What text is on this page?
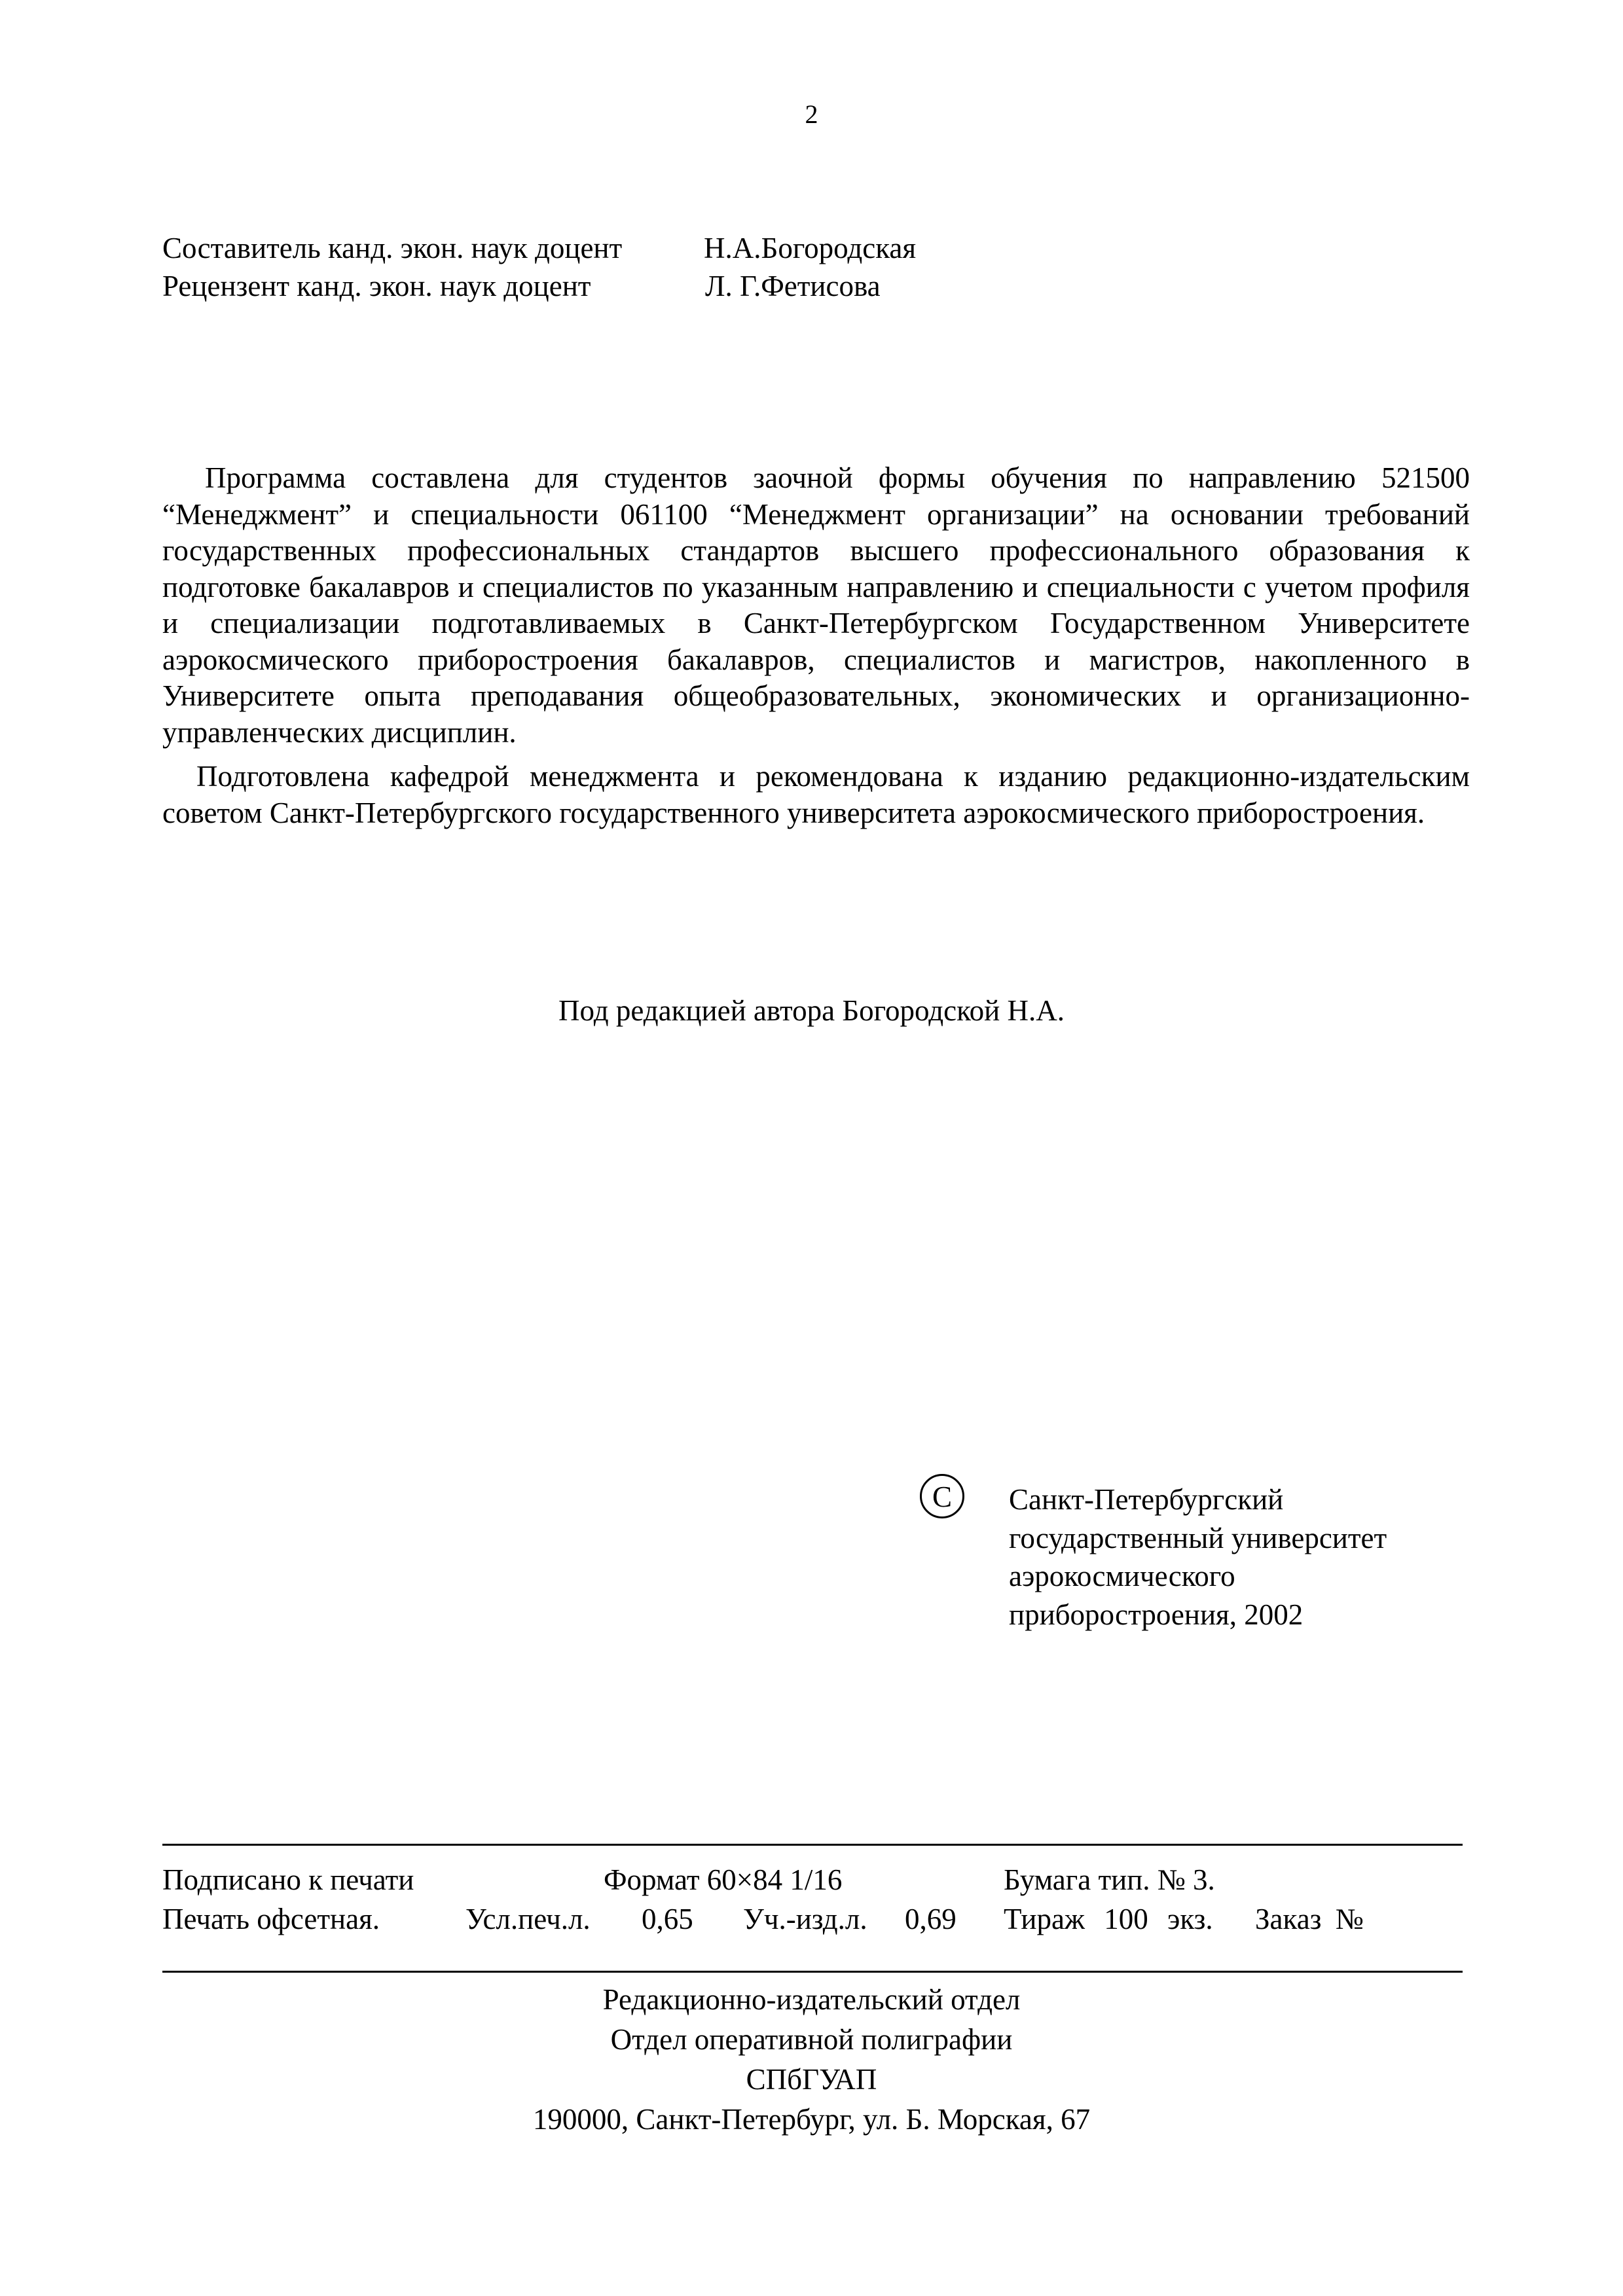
2
Составитель канд. экон. наук доцент	Н.А.Богородская
Рецензент канд. экон. наук доцент	Л. Г.Фетисова

Программа составлена для студентов заочной формы обучения по направлению 521500 “Менеджмент” и специальности 061100 “Менеджмент организации” на основании требований государственных профессиональных стандартов высшего профессионального образования к подготовке бакалавров и специалистов по указанным направлению и специальности с учетом профиля и специализации подготавливаемых в Санкт-Петербургском Государственном Университете аэрокосмического приборостроения бакалавров, специалистов и магистров, накопленного в Университете опыта преподавания общеобразовательных, экономических и организационно-управленческих дисциплин.

Подготовлена кафедрой менеджмента и рекомендована к изданию редакционно-издательским советом Санкт-Петербургского государственного университета аэрокосмического приборостроения.

Под редакцией автора Богородской Н.А.
C	Санкт-Петербургский
государственный университет
аэрокосмического
приборостроения, 2002
Подписано к печати	Формат 60×84 1/16	Бумага тип. № 3.
Печать офсетная.	Усл.печ.л. 0,65 Уч.-изд.л. 0,69 Тираж 100 экз. Заказ №
Редакционно-издательский отдел
Отдел оперативной полиграфии
СПбГУАП
190000, Санкт-Петербург, ул. Б. Морская, 67
